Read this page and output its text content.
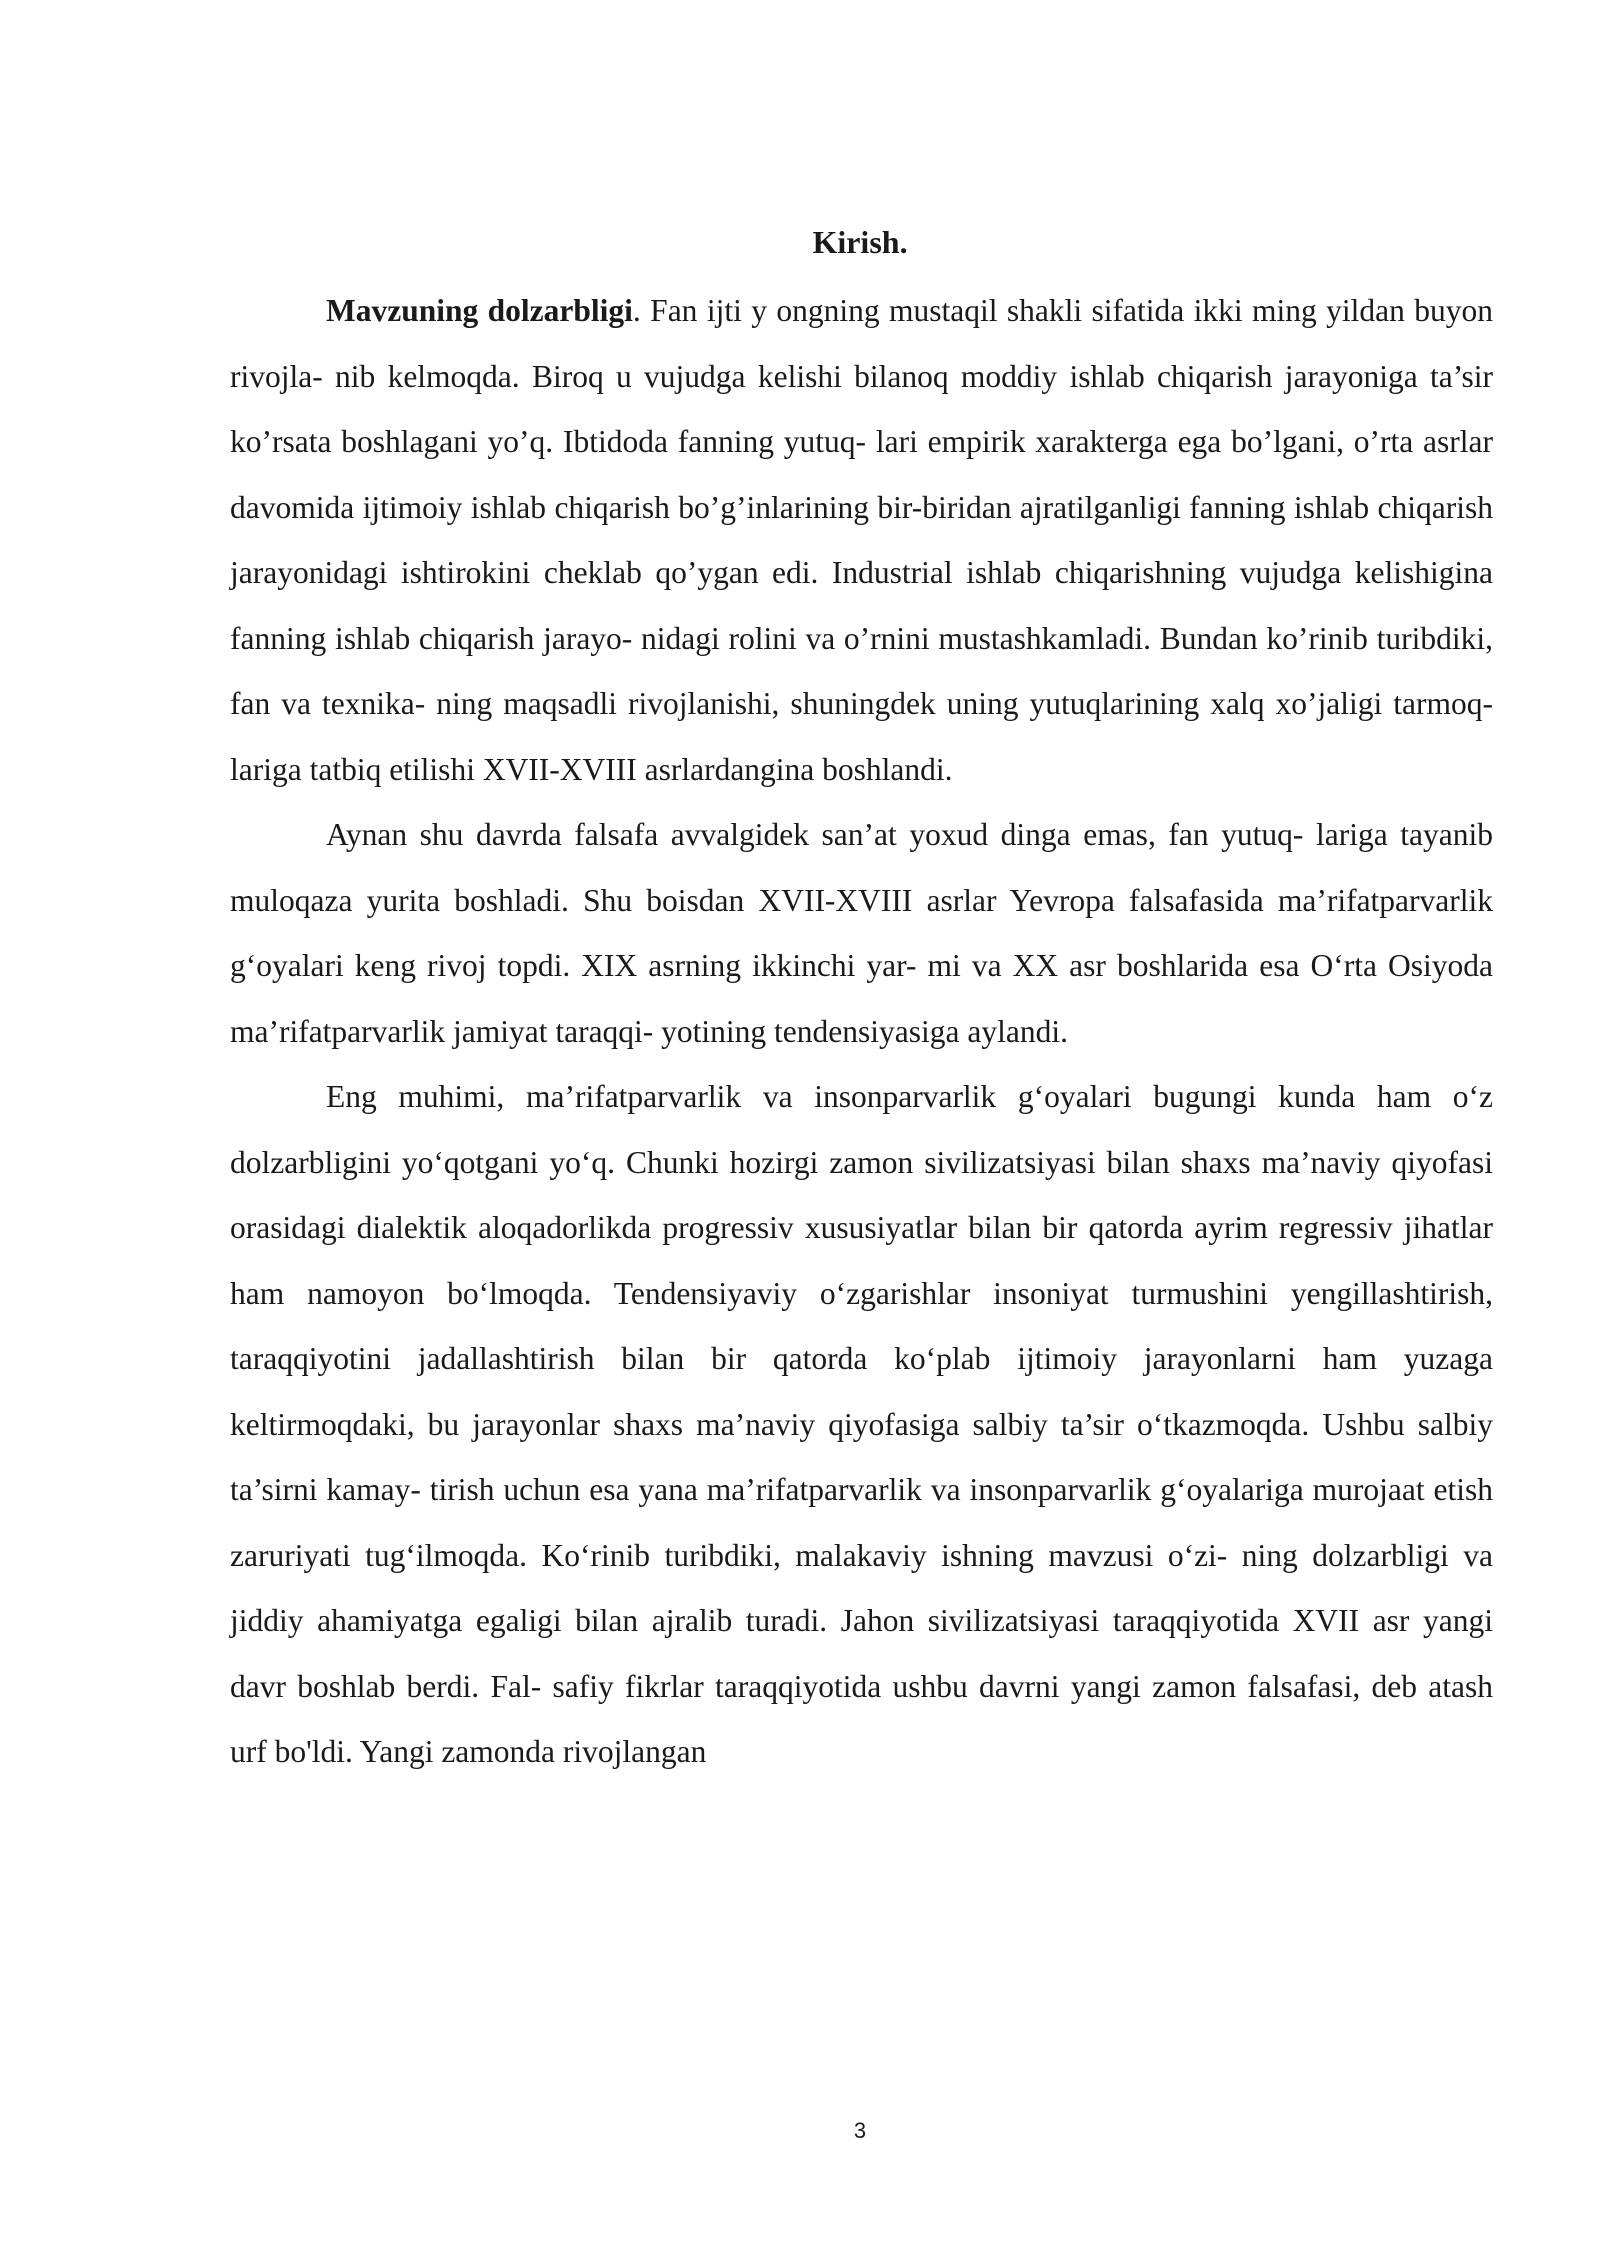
Kirish.

Mavzuning dolzarbligi. Fan ijti y ongning mustaqil shakli sifatida ikki ming yildan buyon rivojla- nib kelmoqda. Biroq u vujudga kelishi bilanoq moddiy ishlab chiqarish jarayoniga ta’sir ko’rsata boshlagani yo’q. Ibtidoda fanning yutuq- lari empirik xarakterga ega bo’lgani, o’rta asrlar davomida ijtimoiy ishlab chiqarish bo’g’inlarining bir-biridan ajratilganligi fanning ishlab chiqarish jarayonidagi ishtirokini cheklab qo’ygan edi. Industrial ishlab chiqarishning vujudga kelishigina fanning ishlab chiqarish jarayo- nidagi rolini va o’rnini mustashkamladi. Bundan ko’rinib turibdiki, fan va texnika- ning maqsadli rivojlanishi, shuningdek uning yutuqlarining xalq xo’jaligi tarmoq- lariga tatbiq etilishi XVII-XVIII asrlardangina boshlandi.

Aynan shu davrda falsafa avvalgidek san’at yoxud dinga emas, fan yutuq- lariga tayanib muloqaza yurita boshladi. Shu boisdan XVII-XVIII asrlar Yevropa falsafasida ma’rifatparvarlik g‘oyalari keng rivoj topdi. XIX asrning ikkinchi yar- mi va XX asr boshlarida esa O‘rta Osiyoda ma’rifatparvarlik jamiyat taraqqi- yotining tendensiyasiga aylandi.

Eng muhimi, ma’rifatparvarlik va insonparvarlik g‘oyalari bugungi kunda ham o‘z dolzarbligini yo‘qotgani yo‘q. Chunki hozirgi zamon sivilizatsiyasi bilan shaxs ma’naviy qiyofasi orasidagi dialektik aloqadorlikda progressiv xususiyatlar bilan bir qatorda ayrim regressiv jihatlar ham namoyon bo‘lmoqda. Tendensiyaviy o‘zgarishlar insoniyat turmushini yengillashtirish, taraqqiyotini jadallashtirish bilan bir qatorda ko‘plab ijtimoiy jarayonlarni ham yuzaga keltirmoqdaki, bu jarayonlar shaxs ma’naviy qiyofasiga salbiy ta’sir o‘tkazmoqda. Ushbu salbiy ta’sirni kamay- tirish uchun esa yana ma’rifatparvarlik va insonparvarlik g‘oyalariga murojaat etish zaruriyati tug‘ilmoqda. Ko‘rinib turibdiki, malakaviy ishning mavzusi o‘zi- ning dolzarbligi va jiddiy ahamiyatga egaligi bilan ajralib turadi. Jahon sivilizatsiyasi taraqqiyotida XVII asr yangi davr boshlab berdi. Fal- safiy fikrlar taraqqiyotida ushbu davrni yangi zamon falsafasi, deb atash urf bo'ldi. Yangi zamonda rivojlangan

3
